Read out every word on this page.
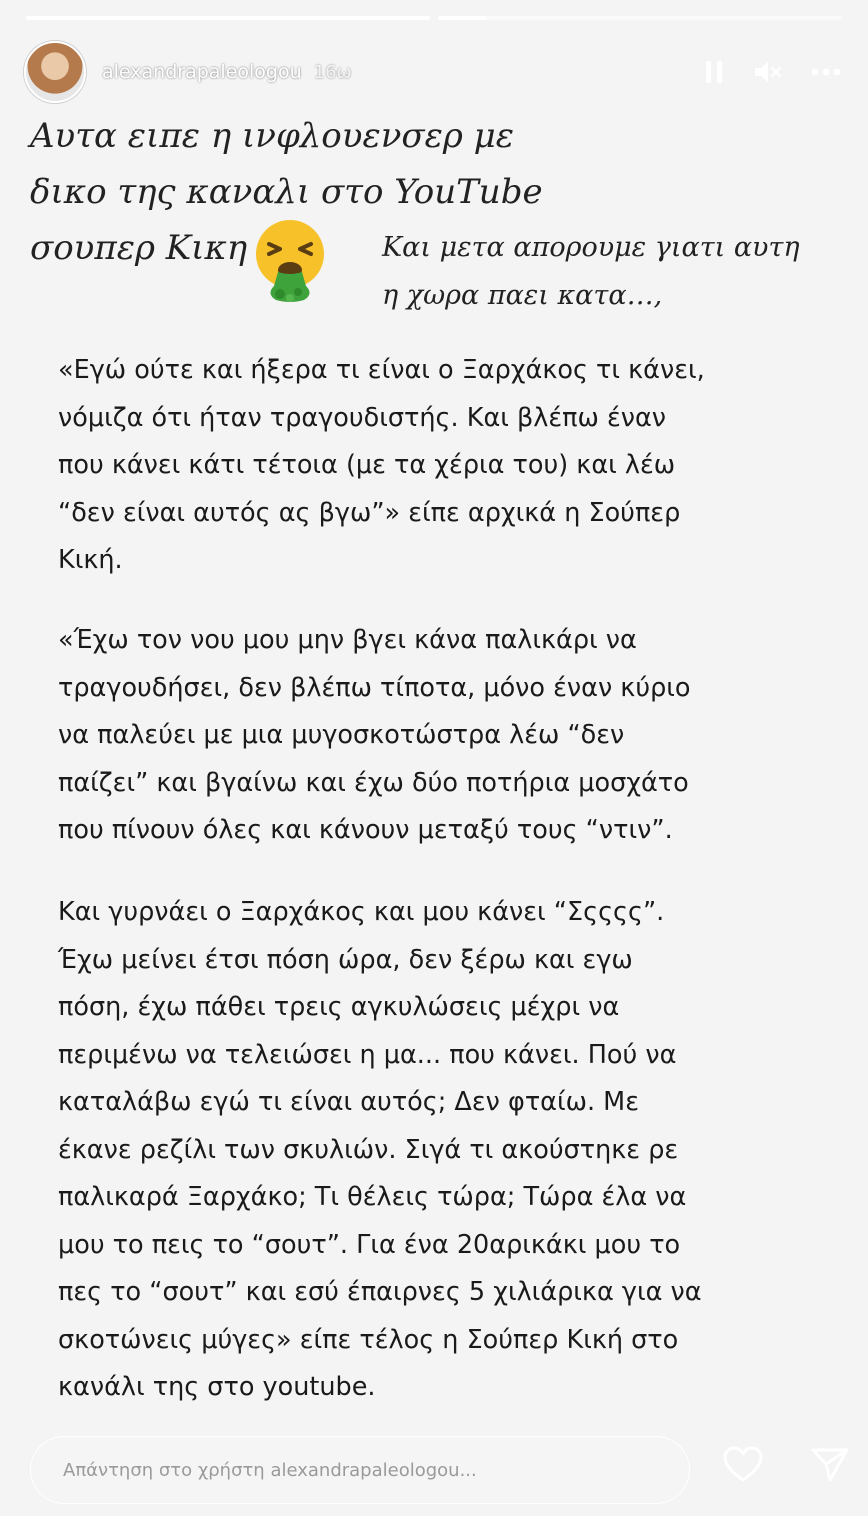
alexandrapaleologou 16ω
Αυτα ειπε η ινφλουενσερ με
δικο της καναλι στο YouTube
σουπερ Κικη	Και μετα απορουμε γιατι αυτη
η χωρα παει κατα…,
«Εγώ ούτε και ήξερα τι είναι ο Ξαρχάκος τι κάνει,
νόμιζα ότι ήταν τραγουδιστής. Και βλέπω έναν
που κάνει κάτι τέτοια (με τα χέρια του) και λέω
“δεν είναι αυτός ας βγω”» είπε αρχικά η Σούπερ
Κική.
«Έχω τον νου μου μην βγει κάνα παλικάρι να
τραγουδήσει, δεν βλέπω τίποτα, μόνο έναν κύριο
να παλεύει με μια μυγοσκοτώστρα λέω “δεν
παίζει” και βγαίνω και έχω δύο ποτήρια μοσχάτο
που πίνουν όλες και κάνουν μεταξύ τους “ντιν”.
Και γυρνάει ο Ξαρχάκος και μου κάνει “Σςςςς”.
Έχω μείνει έτσι πόση ώρα, δεν ξέρω και εγω
πόση, έχω πάθει τρεις αγκυλώσεις μέχρι να
περιμένω να τελειώσει η μα... που κάνει. Πού να
καταλάβω εγώ τι είναι αυτός; Δεν φταίω. Με
έκανε ρεζίλι των σκυλιών. Σιγά τι ακούστηκε ρε
παλικαρά Ξαρχάκο; Τι θέλεις τώρα; Τώρα έλα να
μου το πεις το “σουτ”. Για ένα 20αρικάκι μου το
πες το “σουτ” και εσύ έπαιρνες 5 χιλιάρικα για να
σκοτώνεις μύγες» είπε τέλος η Σούπερ Κική στο
κανάλι της στο youtube.
Απάντηση στο χρήστη alexandrapaleologou...
